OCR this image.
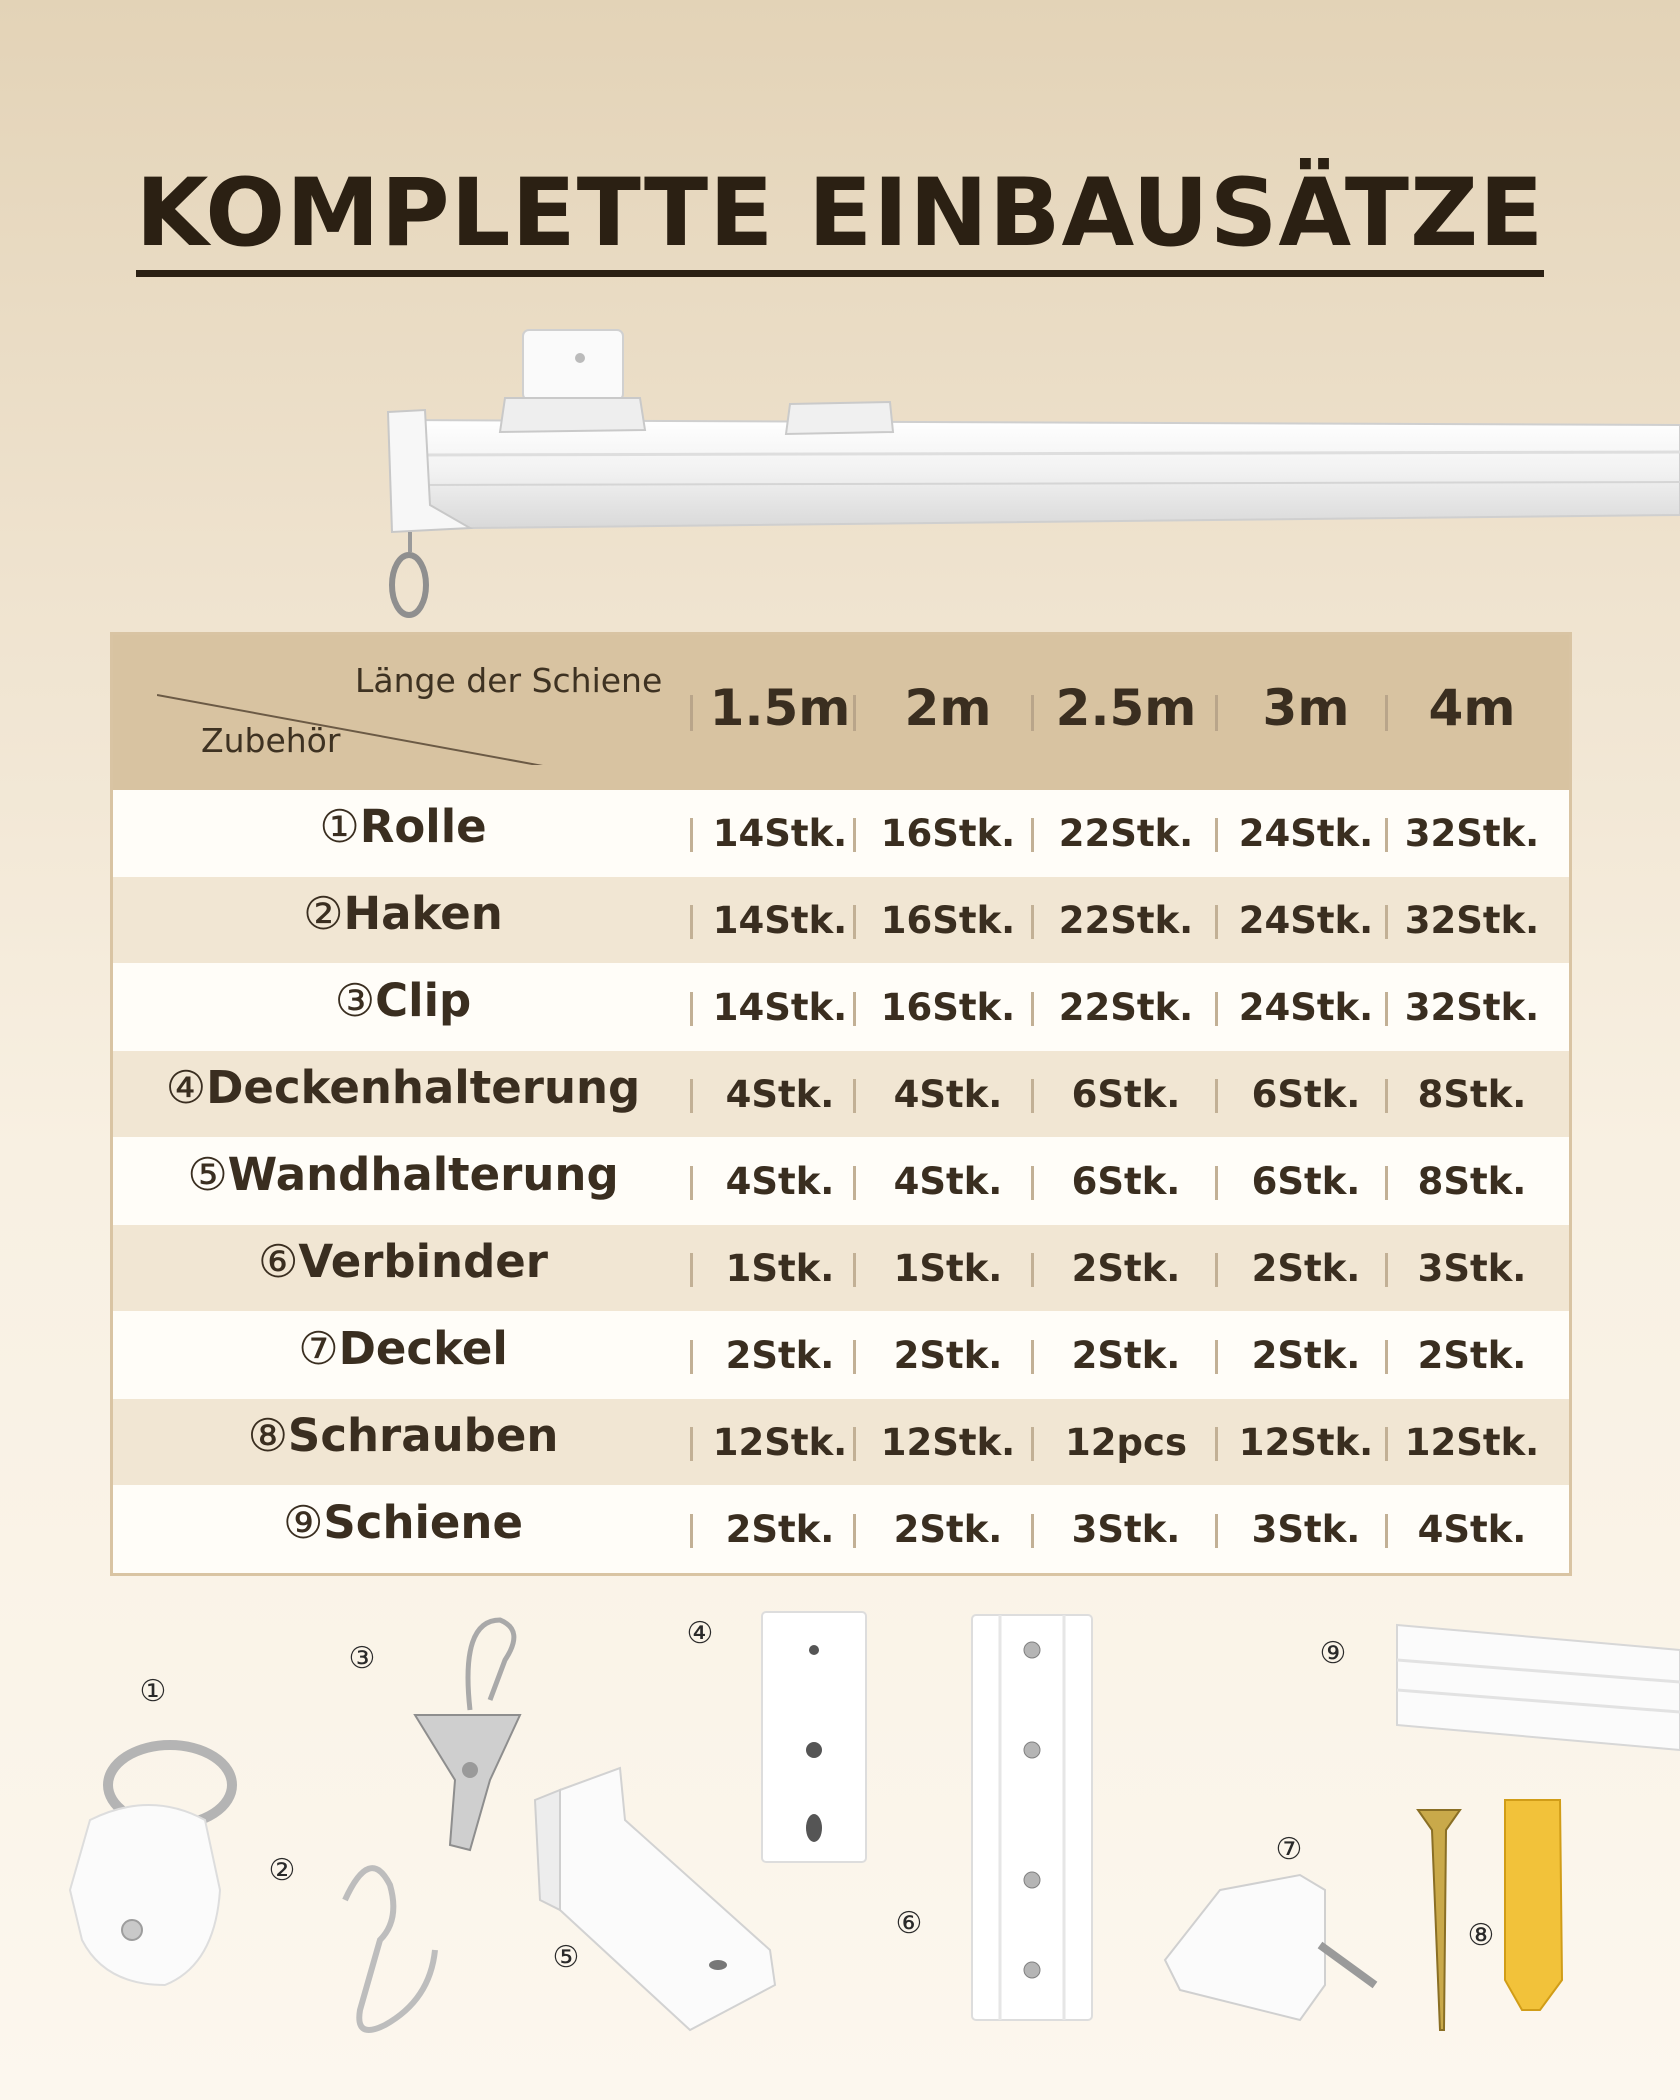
KOMPLETTE EINBAUSÄTZE
Länge der Schiene
Zubehör
1.5m	2m	2.5m	3m	4m
①Rolle	14Stk. 16Stk.	22Stk.	24Stk. 32Stk.
②Haken	14Stk. 16Stk.	22Stk.	24Stk. 32Stk.
③Clip	14Stk. 16Stk.	22Stk.	24Stk. 32Stk.
④Deckenhalterung	4Stk.	4Stk.	6Stk.	6Stk.	8Stk.
⑤Wandhalterung	4Stk.	4Stk.	6Stk.	6Stk.	8Stk.
⑥Verbinder	1Stk.	1Stk.	2Stk.	2Stk.	3Stk.
⑦Deckel	2Stk.	2Stk.	2Stk.	2Stk.	2Stk.
⑧Schrauben	12Stk. 12Stk.	12pcs	12Stk. 12Stk.
⑨Schiene	2Stk.	2Stk.	3Stk.	3Stk.	4Stk.
①
②
③
④
⑤
⑥
⑦
⑧
⑨
